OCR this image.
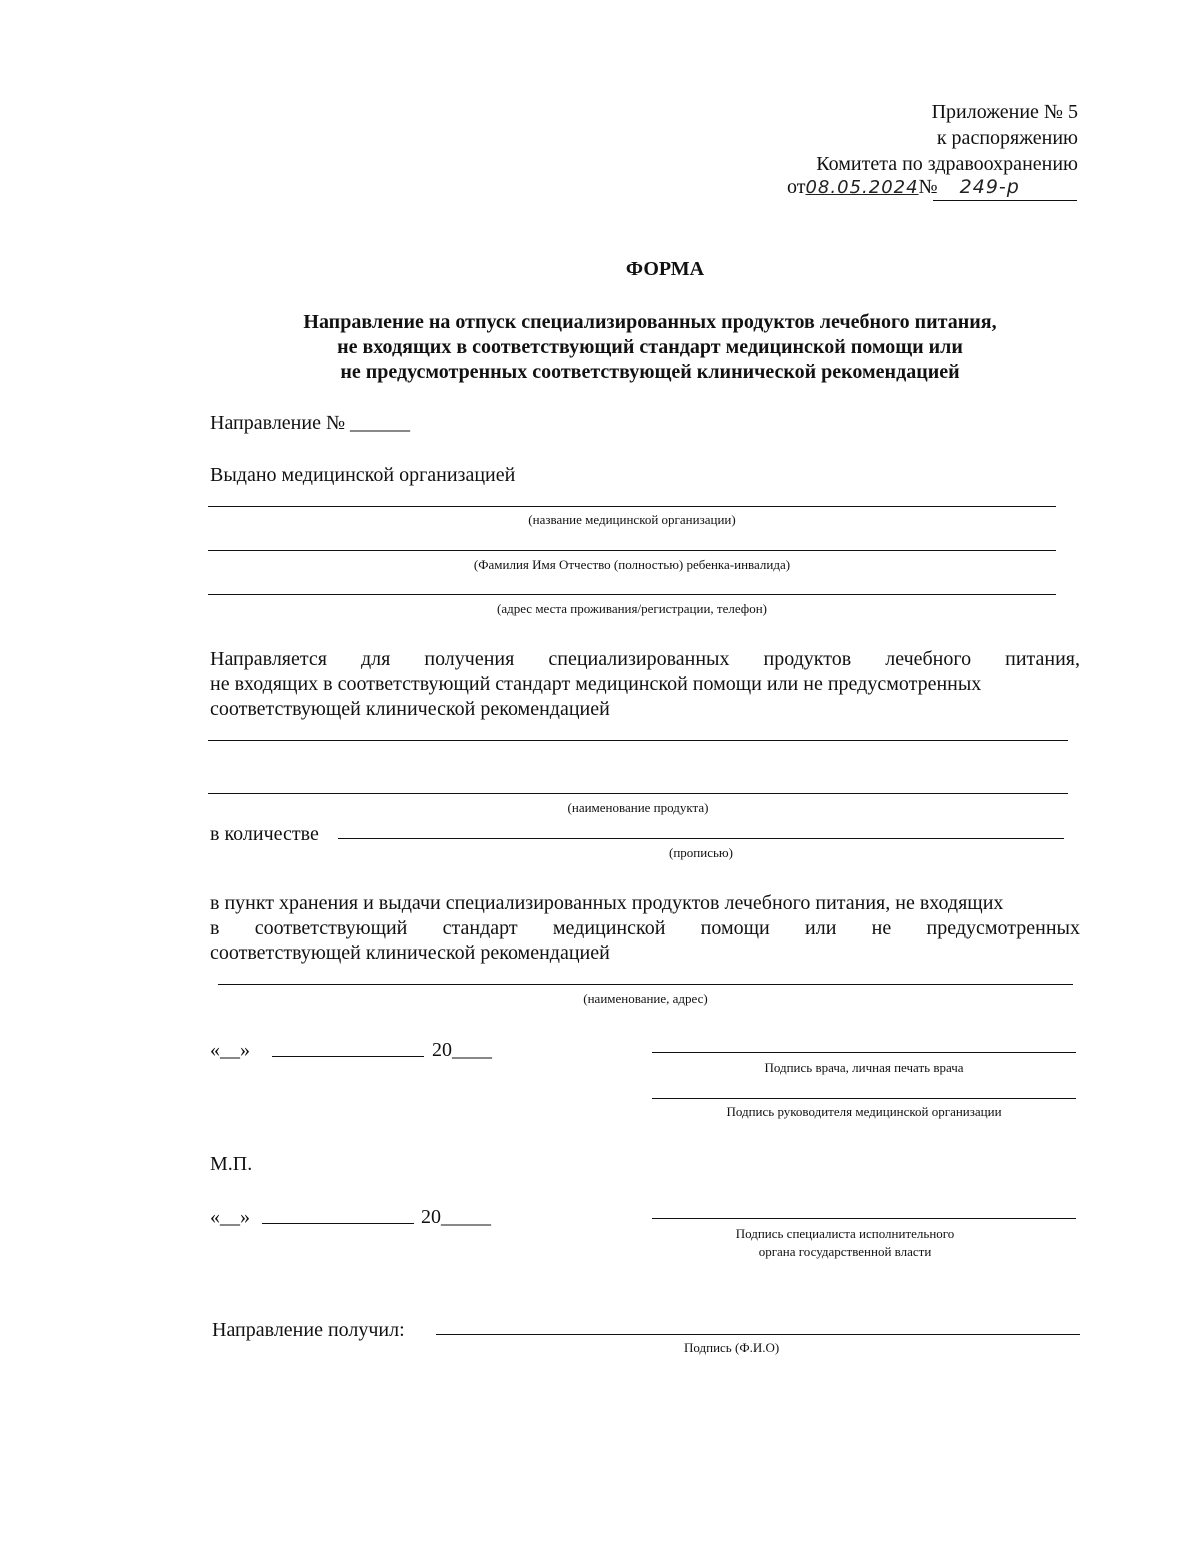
Приложение № 5
к распоряжению
Комитета по здравоохранению
от08.05.2024№ 249-р
ФОРМА
Направление на отпуск специализированных продуктов лечебного питания,
не входящих в соответствующий стандарт медицинской помощи или
не предусмотренных соответствующей клинической рекомендацией
Направление № ______
Выдано медицинской организацией
(название медицинской организации)
(Фамилия Имя Отчество (полностью) ребенка-инвалида)
(адрес места проживания/регистрации, телефон)
Направляется для получения специализированных продуктов лечебного питания,
не входящих в соответствующий стандарт медицинской помощи или не предусмотренных
соответствующей клинической рекомендацией
(наименование продукта)
в количестве
(прописью)
в пункт хранения и выдачи специализированных продуктов лечебного питания, не входящих
в соответствующий стандарт медицинской помощи или не предусмотренных
соответствующей клинической рекомендацией
(наименование, адрес)
«__»	20____
Подпись врача, личная печать врача
Подпись руководителя медицинской организации
М.П.
«__»	20_____
Подпись специалиста исполнительного
органа государственной власти
Направление получил:
Подпись (Ф.И.О)
